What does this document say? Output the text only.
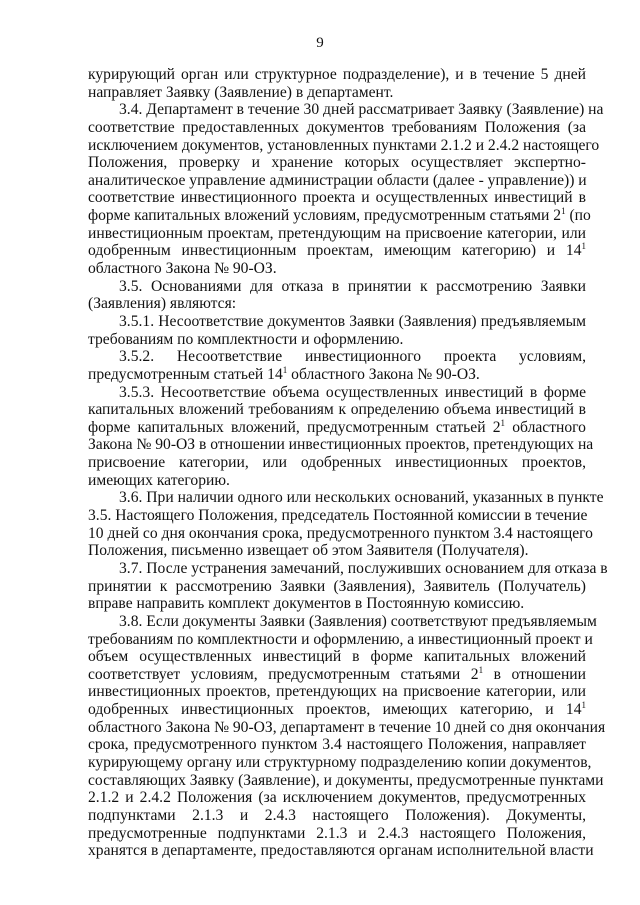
9

курирующий орган или структурное подразделение), и в течение 5 дней
направляет Заявку (Заявление) в департамент.

3.4. Департамент в течение 30 дней рассматривает Заявку (Заявление) на
соответствие предоставленных документов требованиям Положения (за
исключением документов, установленных пунктами 2.1.2 и 2.4.2 настоящего
Положения, проверку и хранение которых осуществляет экспертно-
аналитическое управление администрации области (далее - управление)) и
соответствие инвестиционного проекта и осуществленных инвестиций в
форме капитальных вложений условиям, предусмотренным статьями $2^1$ (по
инвестиционным проектам, претендующим на присвоение категории, или
одобренным инвестиционным проектам, имеющим категорию) и $14^1$
областного Закона № 90-ОЗ.

3.5. Основаниями для отказа в принятии к рассмотрению Заявки
(Заявления) являются:

3.5.1. Несоответствие документов Заявки (Заявления) предъявляемым
требованиям по комплектности и оформлению.

3.5.2. Несоответствие инвестиционного проекта условиям,
предусмотренным статьей $14^1$ областного Закона № 90-ОЗ.

3.5.3. Несоответствие объема осуществленных инвестиций в форме
капитальных вложений требованиям к определению объема инвестиций в
форме капитальных вложений, предусмотренным статьей $2^1$ областного
Закона № 90-ОЗ в отношении инвестиционных проектов, претендующих на
присвоение категории, или одобренных инвестиционных проектов,
имеющих категорию.

3.6. При наличии одного или нескольких оснований, указанных в пункте
3.5. Настоящего Положения, председатель Постоянной комиссии в течение
10 дней со дня окончания срока, предусмотренного пунктом 3.4 настоящего
Положения, письменно извещает об этом Заявителя (Получателя).

3.7. После устранения замечаний, послуживших основанием для отказа в
принятии к рассмотрению Заявки (Заявления), Заявитель (Получатель)
вправе направить комплект документов в Постоянную комиссию.

3.8. Если документы Заявки (Заявления) соответствуют предъявляемым
требованиям по комплектности и оформлению, а инвестиционный проект и
объем осуществленных инвестиций в форме капитальных вложений
соответствует условиям, предусмотренным статьями $2^1$ в отношении
инвестиционных проектов, претендующих на присвоение категории, или
одобренных инвестиционных проектов, имеющих категорию, и $14^1$
областного Закона № 90-ОЗ, департамент в течение 10 дней со дня окончания
срока, предусмотренного пунктом 3.4 настоящего Положения, направляет
курирующему органу или структурному подразделению копии документов,
составляющих Заявку (Заявление), и документы, предусмотренные пунктами
2.1.2 и 2.4.2 Положения (за исключением документов, предусмотренных
подпунктами 2.1.3 и 2.4.3 настоящего Положения). Документы,
предусмотренные подпунктами 2.1.3 и 2.4.3 настоящего Положения,
хранятся в департаменте, предоставляются органам исполнительной власти
